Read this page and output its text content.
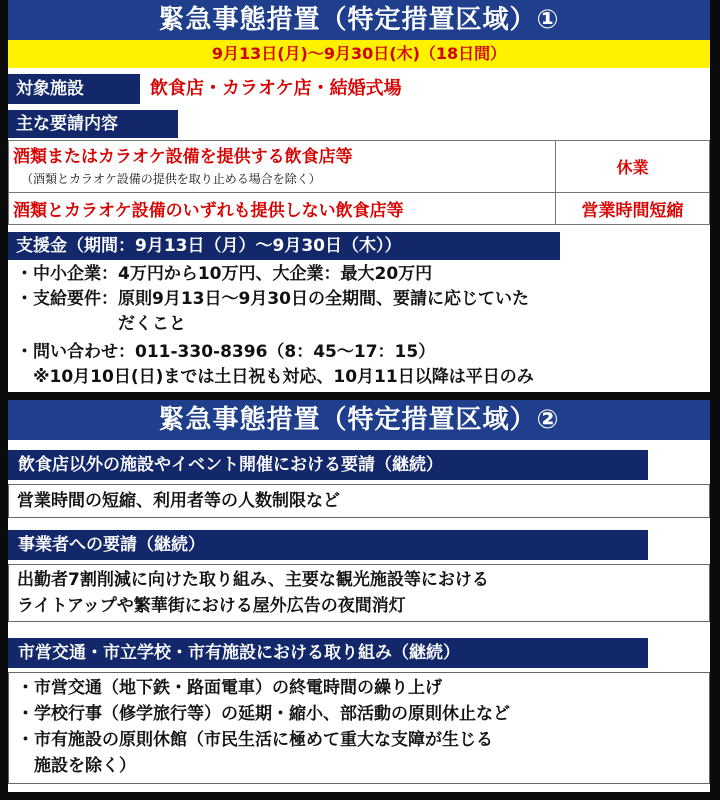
緊急事態措置（特定措置区域）①
9月13日(月)〜9月30日(木)（18日間）
対象施設	飲食店・カラオケ店・結婚式場
主な要請内容
酒類またはカラオケ設備を提供する飲食店等
（酒類とカラオケ設備の提供を取り止める場合を除く）	休業
酒類とカラオケ設備のいずれも提供しない飲食店等	営業時間短縮
支援金（期間：9月13日（月）〜9月30日（木））
・中小企業：4万円から10万円、大企業：最大20万円
・支給要件：原則9月13日〜9月30日の全期間、要請に応じていた
　　　　　　だくこと
・問い合わせ：011-330-8396（8：45〜17：15）
　※10月10日(日)までは土日祝も対応、10月11日以降は平日のみ
緊急事態措置（特定措置区域）②
飲食店以外の施設やイベント開催における要請（継続）
営業時間の短縮、利用者等の人数制限など
事業者への要請（継続）
出勤者7割削減に向けた取り組み、主要な観光施設等における
ライトアップや繁華街における屋外広告の夜間消灯
市営交通・市立学校・市有施設における取り組み（継続）
・市営交通（地下鉄・路面電車）の終電時間の繰り上げ
・学校行事（修学旅行等）の延期・縮小、部活動の原則休止など
・市有施設の原則休館（市民生活に極めて重大な支障が生じる
　施設を除く）
